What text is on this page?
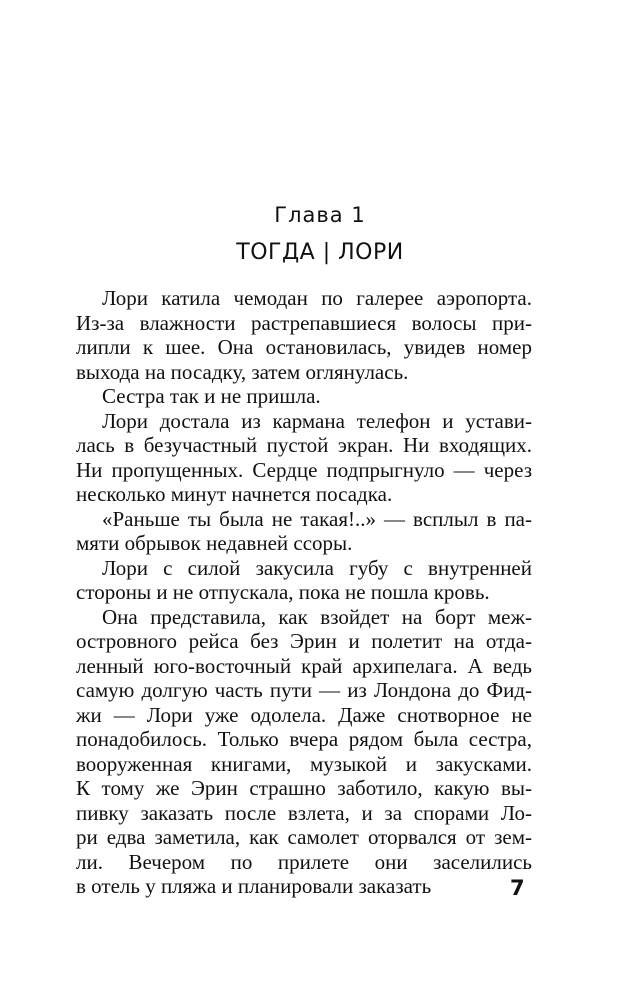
Глава 1
ТОГДА | ЛОРИ
Лори катила чемодан по галерее аэропорта.
Из-за влажности растрепавшиеся волосы при-
липли к шее. Она остановилась, увидев номер
выхода на посадку, затем оглянулась.
Сестра так и не пришла.
Лори достала из кармана телефон и устави-
лась в безучастный пустой экран. Ни входящих.
Ни пропущенных. Сердце подпрыгнуло — через
несколько минут начнется посадка.
«Раньше ты была не такая!..» — всплыл в па-
мяти обрывок недавней ссоры.
Лори с силой закусила губу с внутренней
стороны и не отпускала, пока не пошла кровь.
Она представила, как взойдет на борт меж-
островного рейса без Эрин и полетит на отда-
ленный юго-восточный край архипелага. А ведь
самую долгую часть пути — из Лондона до Фид-
жи — Лори уже одолела. Даже снотворное не
понадобилось. Только вчера рядом была сестра,
вооруженная книгами, музыкой и закусками.
К тому же Эрин страшно заботило, какую вы-
пивку заказать после взлета, и за спорами Ло-
ри едва заметила, как самолет оторвался от зем-
ли. Вечером по прилете они заселились
в отель у пляжа и планировали заказать	7
